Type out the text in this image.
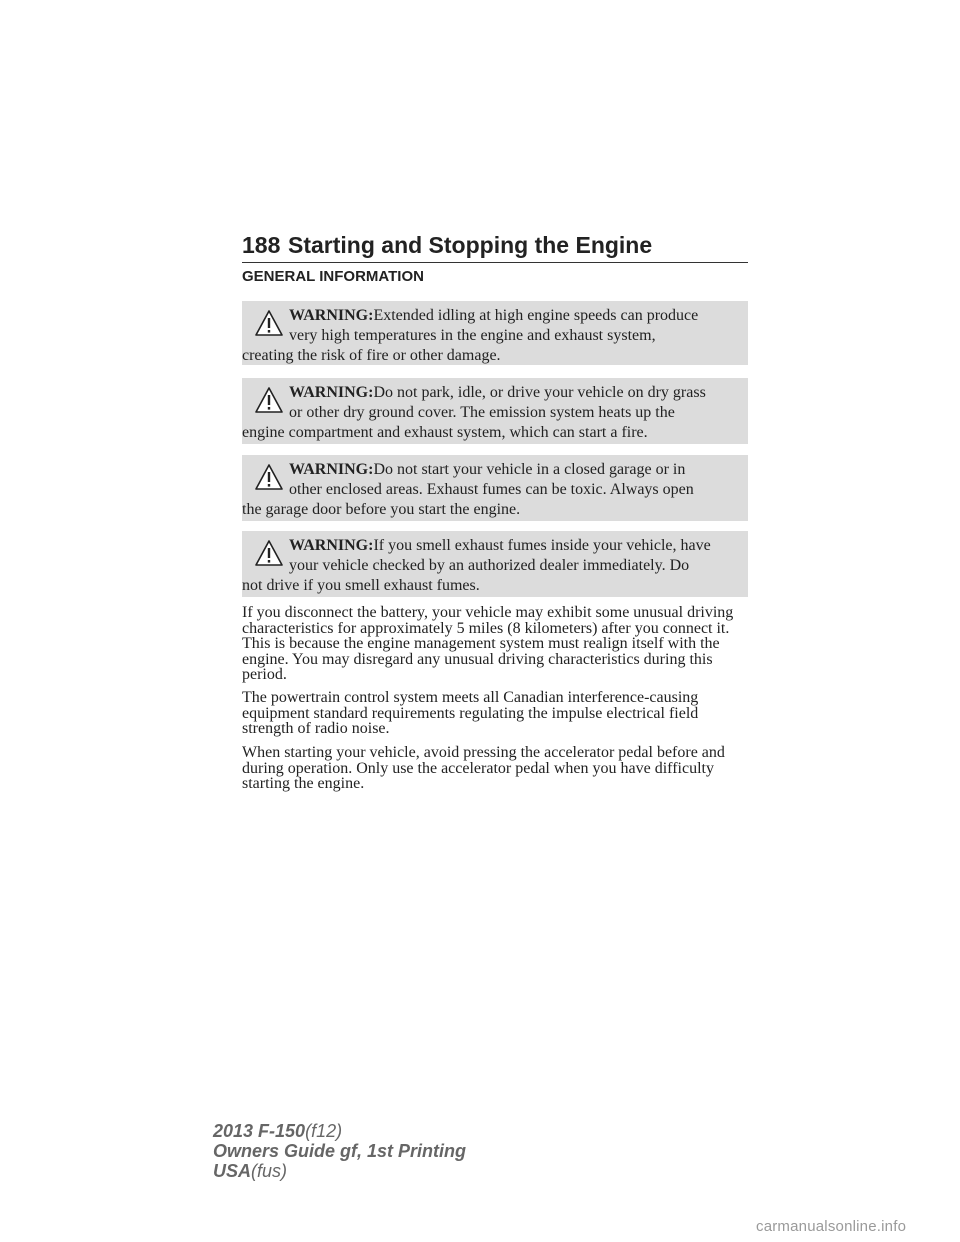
188 Starting and Stopping the Engine
GENERAL INFORMATION
WARNING:Extended idling at high engine speeds can produce
very high temperatures in the engine and exhaust system,
creating the risk of fire or other damage.
WARNING:Do not park, idle, or drive your vehicle on dry grass
or other dry ground cover. The emission system heats up the
engine compartment and exhaust system, which can start a fire.
WARNING:Do not start your vehicle in a closed garage or in
other enclosed areas. Exhaust fumes can be toxic. Always open
the garage door before you start the engine.
WARNING:If you smell exhaust fumes inside your vehicle, have
your vehicle checked by an authorized dealer immediately. Do
not drive if you smell exhaust fumes.

If you disconnect the battery, your vehicle may exhibit some unusual driving characteristics for approximately 5 miles (8 kilometers) after you connect it. This is because the engine management system must realign itself with the engine. You may disregard any unusual driving characteristics during this period.

The powertrain control system meets all Canadian interference-causing equipment standard requirements regulating the impulse electrical field strength of radio noise.

When starting your vehicle, avoid pressing the accelerator pedal before and during operation. Only use the accelerator pedal when you have difficulty starting the engine.

2013 F-150(f12)
Owners Guide gf, 1st Printing
USA(fus)
carmanualsonline.info
